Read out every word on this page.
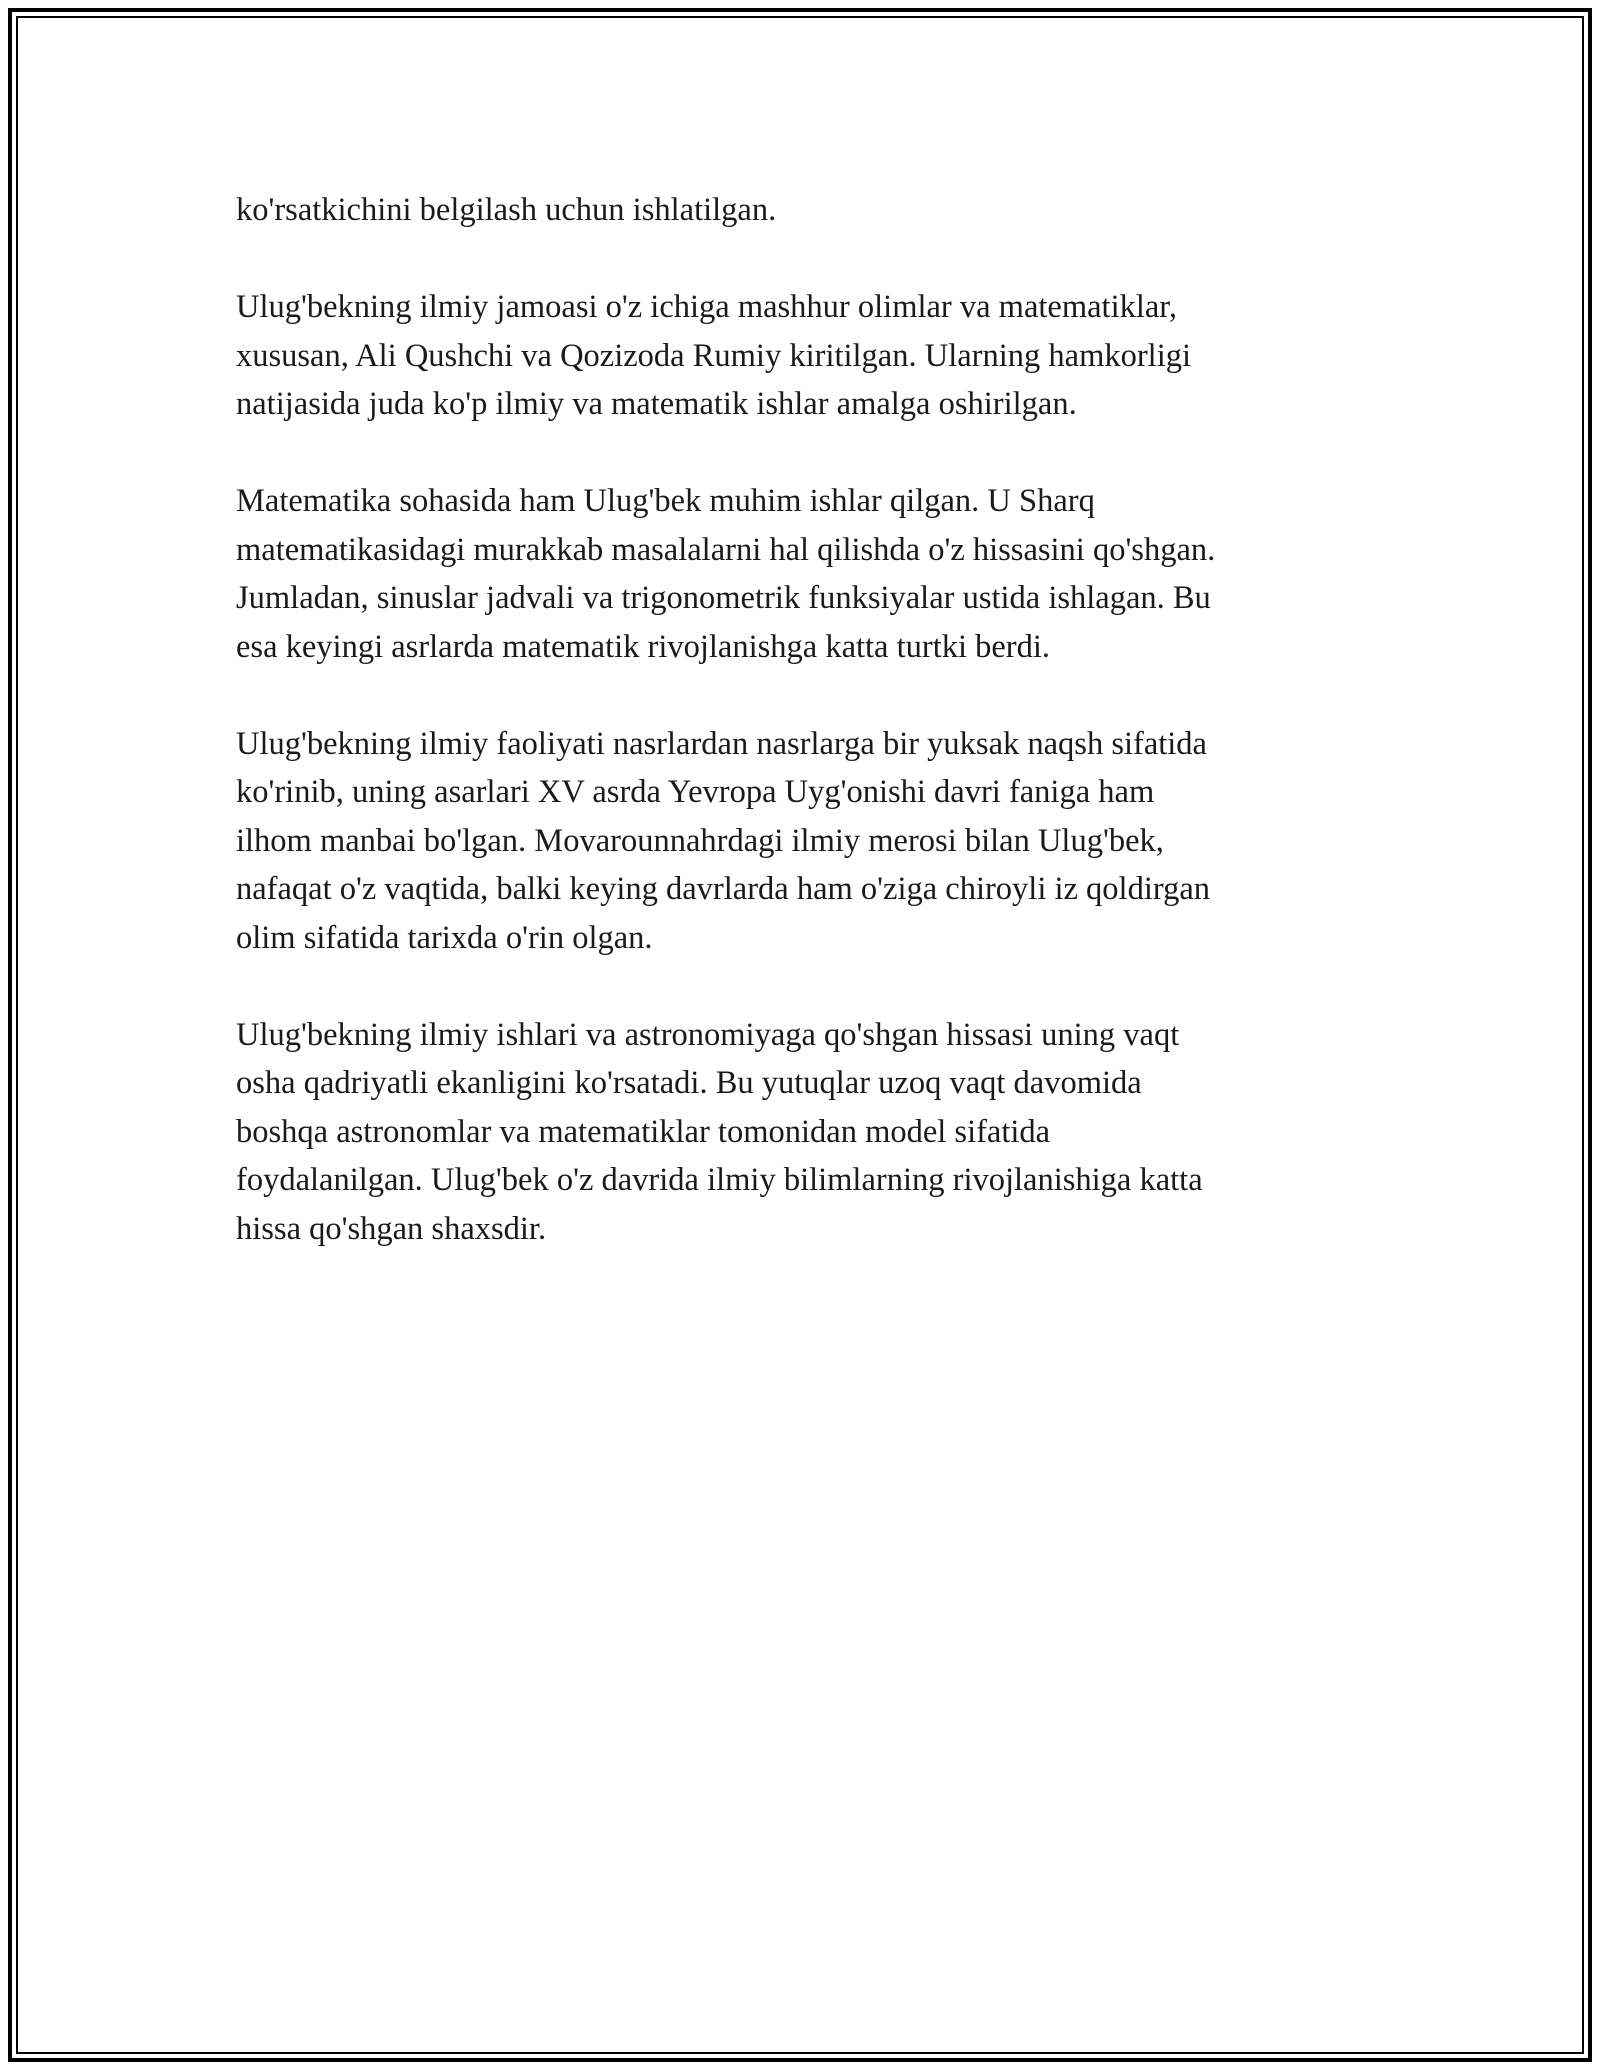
ko'rsatkichini belgilash uchun ishlatilgan.

Ulug'bekning ilmiy jamoasi o'z ichiga mashhur olimlar va matematiklar,
xususan, Ali Qushchi va Qozizoda Rumiy kiritilgan. Ularning hamkorligi
natijasida juda ko'p ilmiy va matematik ishlar amalga oshirilgan.

Matematika sohasida ham Ulug'bek muhim ishlar qilgan. U Sharq
matematikasidagi murakkab masalalarni hal qilishda o'z hissasini qo'shgan.
Jumladan, sinuslar jadvali va trigonometrik funksiyalar ustida ishlagan. Bu
esa keyingi asrlarda matematik rivojlanishga katta turtki berdi.

Ulug'bekning ilmiy faoliyati nasrlardan nasrlarga bir yuksak naqsh sifatida
ko'rinib, uning asarlari XV asrda Yevropa Uyg'onishi davri faniga ham
ilhom manbai bo'lgan. Movarounnahrdagi ilmiy merosi bilan Ulug'bek,
nafaqat o'z vaqtida, balki keying davrlarda ham o'ziga chiroyli iz qoldirgan
olim sifatida tarixda o'rin olgan.

Ulug'bekning ilmiy ishlari va astronomiyaga qo'shgan hissasi uning vaqt
osha qadriyatli ekanligini ko'rsatadi. Bu yutuqlar uzoq vaqt davomida
boshqa astronomlar va matematiklar tomonidan model sifatida
foydalanilgan. Ulug'bek o'z davrida ilmiy bilimlarning rivojlanishiga katta
hissa qo'shgan shaxsdir.
